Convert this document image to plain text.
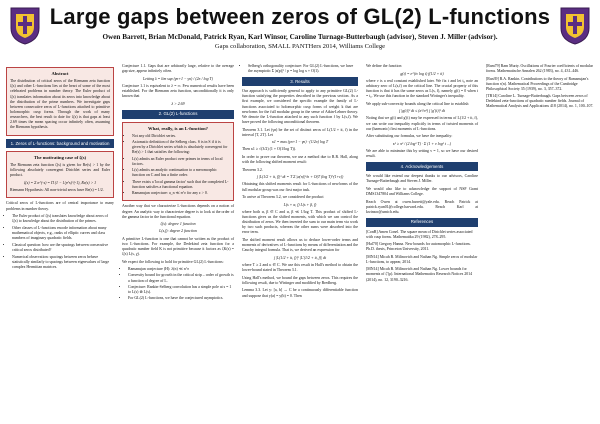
Large gaps between zeros of GL(2) L-functions
Owen Barrett, Brian McDonald, Patrick Ryan, Karl Winsor, Caroline Turnage-Butterbaugh (advisor), Steven J. Miller (advisor).
Gaps collaboration, SMALL PANTHers 2014, Williams College
Abstract

The distribution of critical zeros of the Riemann zeta function ζ(s) and other L-functions lies at the heart of some of the most celebrated problems in number theory. The Euler product of ζ(s) translates information about its zeros into knowledge about the distribution of the prime numbers. We investigate gaps between consecutive zeros of L-functions attached to primitive holomorphic cusp forms. Through the work of many researchers, the best result to date for ζ(s) is that gaps at least 2.69 times the mean spacing occur infinitely often, assuming the Riemann hypothesis.

1. Zeros of L-functions: background and motivation
The motivating case of ζ(s)

The Riemann zeta function ζ(s) is given for Re(s) > 1 by the following absolutely convergent Dirichlet series and Euler product.

ζ(s) = Σ n^(-s) = Π (1 − 1/p^s)^(-1), Re(s) > 1

Riemann Hypothesis: All non-trivial zeros have Re(s) = 1/2.

Critical zeros of L-functions are of central importance to many problems in number theory.

• The Euler product of ζ(s) translates knowledge about zeros of ζ(s) to knowledge about the distribution of the primes.
• Other classes of L-functions encode information about many mathematical objects, e.g., ranks of elliptic curves and class numbers of imaginary quadratic fields.
• Classical question: how are the spacings between consecutive critical zeros distributed?
• Numerical observation: spacings between zeros behave statistically similarly to spacings between eigenvalues of large complex Hermitian matrices.

Conjecture 1.1. Gaps that are arbitrarily large, relative to the average gap size, appear infinitely often.

Letting λ = lim sup (γn+1 − γn) / (2π / log T)

Conjecture 1.1 is equivalent to λ = ∞. Few numerical results have been established. For the Riemann zeta function, unconditionally it is only known that

λ > 2.69
2. GL(2) L-functions
What, really, is an L-function?
• Not any old Dirichlet series.
• Axiomatic definition of the Selberg class. S is in S if it is given by a Dirichlet series which is absolutely convergent for Re(s) > 1 that satisfies the following:
• L(s) admits an Euler product over primes in terms of local factors.
• L(s) admits an analytic continuation to a meromorphic function on C and has a finite order.
• There exists a 'local gamma factor' such that the completed L-function satisfies a functional equation.
• Ramanujan conjecture: a_n ≪ n^ε for any ε > 0.

Another way that we characterize L-functions depends on a notion of degree. An analytic way to characterize degree is to look at the order of the gamma factor in the functional equation.

ζ(s): degree 1 function
L(s,f): degree 2 function

A primitive L-function is one that cannot be written as the product of two L-functions. For example, the Dedekind zeta function for a quadratic number field K is not primitive because it factors as ζK(s) = ζ(s) L(s, χ).

We expect the following to hold for primitive GL(2) L-functions:

• Ramanujan conjecture (H): λ(n) ≪ n^ε
• Convexity bound for growth in the critical strip – order of growth is a function of degree of L.
• Conjecture: Rankin-Selberg convolution has a simple pole at s = 1 to L(s) ⊗ L(s).
• For GL(2) L-functions, we have the conjectured asymptotics.
• Selberg's orthogonality conjecture: For GL(2) L-functions, we have the asymptotic Σ |a(p)|² / p = log log x + O(1).
3. Results

Our approach is sufficiently general to apply to any primitive GL(2) L-function satisfying the properties described in the previous section. As a first example, we considered the specific example the family of L-functions associated to holomorphic cusp forms of weight k that are newforms for the full modular group in the sense of Atkin-Lehner theory. We denote the L-function attached to any such function f by L(s,f). We have proved the following unconditional theorem.

Theorem 3.1. Let (γn) be the set of distinct zeros of L(1/2 + it, f) in the interval [T, 2T]. Let

κ1 = max (γn+1 − γn) · (1/2π) log T

Then κ1 ≥ √(3/2) (1 + O(1/log T)).

In order to prove our theorem, we use a method due to R.R. Hall, along with the following shifted moment result:

Theorem 3.2.

∫ |L(1/2 + it, f)|² dt = T Σ |a(n)|²/n + O(T (log T)^(1+ε))

Obtaining this shifted moments result for L-functions of newforms of the full modular group was our first major task.

To arrive at Theorem 3.2, we considered the product

L(s + α, f) L(s + β, f)

where both α, β ∈ C and α, β ≪ 1/log T. This product of shifted L-functions gives us the shifted moments, with which we can control the distribution of zeros. We then inverted the sum to our main term via work by two such products, whereas the other sums were absorbed into the error term.

The shifted moment result allows us to deduce lower-order terms and moments of derivatives of L-functions by means of differentiation and the Cauchy integral formula. That is, we derived an expression for

∫ |L(1/2 + it, f)|² |L'(1/2 + it, f)| dt

where T ≥ 2 and κ ∈ C. We use this result in Hall's method to obtain the lower-bound stated in Theorem 3.1.

Using Hall's method, we bound the gaps between zeros. This requires the following result, due to Wirtinger and modified by Bredberg.

Lemma 3.3. Let y: [a, b] → C be a continuously differentiable function and suppose that y(a) = y(b) = 0. Then

We define the function

g(t) = e^(iν log t) f(1/2 + it)

where ν is a real constant established later. We fix t and let t₀ note an arbitrary zero of L(s,f) on the critical line. The crucial property of this function is that it has the same zeros as L(s, f), namely g(t) = 0 when t = t₀. We use this function in the standard Wirtinger's inequality.

We apply sub-convexity bounds along the critical line to establish

∫ |g(t)|² dt ≤ (κ²/π²) ∫ |g'(t)|² dt

Noting that we g(t) and g'(t) may be expressed in terms of L(1/2 + it, f), we can write our inequality explicitly in terms of twisted moments of our (harmonic) first moments of L-functions.

After substituting our formulas, we have the inequality:

κ² ≥ π² / (2 log² T) · Σ (1 + ν log² t ...)

We are able to minimize this by setting ν = 1, so we have our desired result.

4. Acknowledgements

We would like extend our deepest thanks to our advisors, Caroline Turnage-Butterbaugh and Steven J. Miller.

We would also like to acknowledge the support of NSF Grant DMS1347804 and Williams College.

Reach Owen at owen.barrett@yale.edu. Reach Patrick at patrick.ryan01@college.harvard.edu. Reach Karl at kwinsor@umich.edu.

References
[ConB] Amen Conel. The square mean of Dirichlet series associated with cusp forms. Mathematika 29 (1982), 278–295.
[Hal70] Gregory Hanna. New bounds for automorphic L-functions. Ph.D. thesis, Princeton University, 2011.
[MN14] Micah B. Milinovich and Nathan Ng. Simple zeros of modular L-functions, to appear, 2014.
[MN14] Micah B. Milinovich and Nathan Ng. Lower bounds for moments of ζ'(ρ). International Mathematics Research Notices 2014 (2014), no. 12, 3190–3216.
[Ram79] Ram Murty. Oscillations of Fourier coefficients of modular forms. Mathematische Annalen 262 (1983), no. 4, 431–446.
[Ran39] R.A. Rankin. Contributions to the theory of Ramanujan's function τ(n). Mathematical Proceedings of the Cambridge Philosophical Society 35 (1939), no. 3, 357–372.
[TB14] Caroline L. Turnage-Butterbaugh. Gaps between zeros of Dedekind zeta-functions of quadratic number fields. Journal of Mathematical Analysis and Applications 418 (2014), no. 1, 100–107.
